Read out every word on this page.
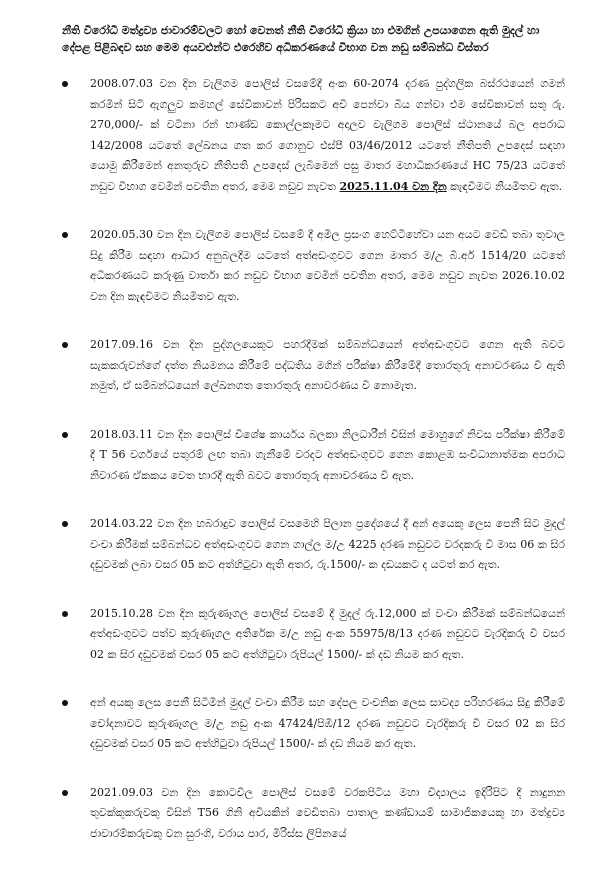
නීති විරෝධී මත්ද්‍රව්‍ය ජාවාරම්වලට හෝ වෙනත් නීති විරෝධී ක්‍රියා හා එමගින් උපයාගෙන ඇති මුදල් හා දේපළ පිළිබඳව සහ මෙම අයවළුන්ට එරෙහිව අධිකරණයේ විභාග වන නඩු සම්බන්ධ විස්තර
2008.07.03 වන දින වැලිගම පොලිස් වසමේදී අංක 60-2074 දරණ පුද්ගලික බස්රථයෙන් ගමන් කරමින් සිටි ඇගලුව කමහල් සේවිකාවන් පිරිසකට අවි පෙන්වා බිය ගන්වා එම සේවිකාවන් සතු රු. 270,000/- ක් වටිනා රන් භාණ්ඩ කොල්ලකෑමට අදාලව වැලිගම පොලිස් ස්ථානයේ බල අපරාධ 142/2008 යටතේ ලේඛනය ගත කර ගොනුව එස්පී 03/46/2012 යටතේ නීතිපති උපදෙස් සඳහා යොමු කිරීමෙන් අනතුරුව නීතිපති උපදෙස් ලැබීමෙන් පසු මාතර මහාධිකරණයේ HC 75/23 යටතේ නඩුව විභාග වෙමින් පවතින අතර, මෙම නඩුව නැවත 2025.11.04 වන දින කැඳවීමට නියමිතව ඇත.
2020.05.30 වන දින වැලිගම පොලිස් වසමේ දී අමිල ප්‍රසංග හෙට්ටිහේවා යන අයට වෙඩි තබා තුවාල සිදු කිරීම සඳහා ආධාර අනුබලදීම යටතේ අත්අඩංගුවට ගෙන මාතර ම/උ බී.අර් 1514/20 යටතේ අධිකරණයට කරුණු වාර්තා කර නඩුව විභාග වෙමින් පවතින අතර, මෙම නඩුව නැවත 2026.10.02 වන දින කැඳවීමට නියමිතව ඇත.
2017.09.16 වන දින පුද්ගලයෙකුට පහරදීමක් සම්බන්ධයෙන් අත්අඩංගුවට ගෙන ඇති බවට සැකකරුවන්ගේ දත්ත නියමනය කිරීමේ පද්ධතිය මගින් පරීක්ෂා කිරීමේදී තොරතුරු අනාවරණය වී ඇති නමුත්, ඒ සම්බන්ධයෙන් ලේඛනගත තොරතුරු අනාවරණය වී නොමැත.
2018.03.11 වන දින පොලිස් විශේෂ කාර්යය බලකා නිලධාරීන් විසින් මොහුගේ නිවස පරීක්ෂා කිරීමේ දී T 56 වර්ගයේ පතුරම් ලඟ තබා ගැනීමේ වරදට අත්අඩංගුවට ගෙන කොළඹ සංවිධානාත්මක අපරාධ නිවාරණ ඒකකය වෙත භාරදී ඇති බවට තොරතුරු අනාවරණය වී ඇත.
2014.03.22 වන දින හබරාදුව පොලිස් වසමෙහි පිලාන ප්‍රදේශයේ දී අන් අයෙකු ලෙස පෙනී සිට මුදල් වංචා කිරීමක් සම්බන්ධව අත්අඩංගුවට ගෙන ගාල්ල ම/උ 4225 දරණ නඩුවට වරදකරු වී මාස 06 ක සිර දඩුවමක් ලබා වසර 05 කට අත්හිටුවා ඇති අතර, රු.1500/- ක දඩයකට ද යටත් කර ඇත.
2015.10.28 වන දින කුරුණෑගල පොලිස් වසමේ දී මුදල් රු.12,000 ක් වංචා කිරීමක් සම්බන්ධයෙන් අත්අඩංගුවට පත්ව කුරුණෑගල අතිරේක ම/උ නඩු අංක 55975/8/13 දරණ නඩුවට වැරදිකරු වී වසර 02 ක සිර දඩුවමක් වසර 05 කට අත්හිටුවා රුපියල් 1500/- ක් දඩ නියම කර ඇත.
අන් අයකු ලෙස පෙනී සිටිමින් මුදල් වංචා කිරීම සහ දේපල වංචනික ලෙස සාවද්‍ය පරිහරණය සිදු කිරීමේ චෝදනාවට කුරුණෑගල ම/උ නඩු අංක 47424/පිඹි/12 දරණ නඩුවට වැරදිකරු වී වසර 02 ක සිර දඩුවමක් වසර 05 කට අත්හිටුවා රුපියල් 1500/- ක් දඩ නියම කර ඇත.
2021.09.03 වන දින කොටවිල පොලිස් වසමේ වරකපිටිය මහා විද්‍යාලය ඉදිරිපිට දී නාදුනන තුවක්කුකරුවකු විසින් T56 ගිනි අවියකින් වෙඩිතබා පාතාල කණ්ඩායම් සාමාජිකයෙකු හා මත්ද්‍රව්‍ය ජාවාරම්කරුවකු වන සුරංගි, වරාය පාර, මිරිස්ස ලිපිනයේ
